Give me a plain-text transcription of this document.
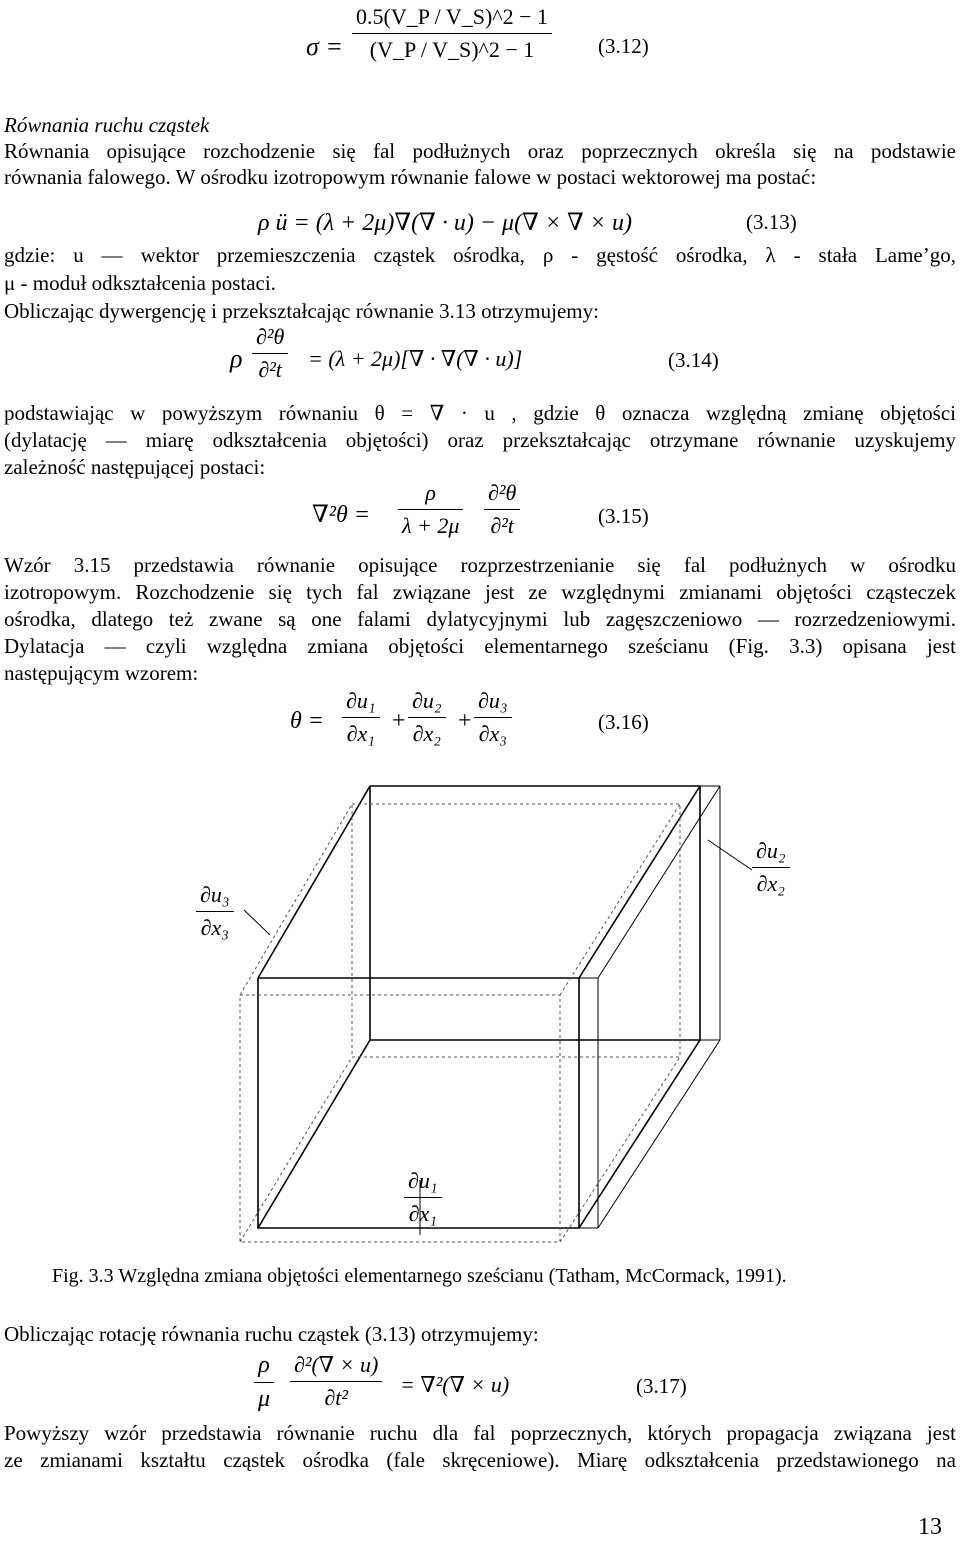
σ =
0.5(V_P / V_S)^2 − 1
(V_P / V_S)^2 − 1	(3.12)
Równania ruchu cząstek
Równania opisujące rozchodzenie się fal podłużnych oraz poprzecznych określa się na podstawie
równania falowego. W ośrodku izotropowym równanie falowe w postaci wektorowej ma postać:
ρ ü = (λ + 2μ)∇(∇ · u) − μ(∇ × ∇ × u)	(3.13)
gdzie: u — wektor przemieszczenia cząstek ośrodka, ρ - gęstość ośrodka, λ - stała Lame’go,
μ - moduł odkształcenia postaci.
Obliczając dywergencję i przekształcając równanie 3.13 otrzymujemy:
ρ
∂²θ
∂²t = (λ + 2μ)[∇ · ∇(∇ · u)]	(3.14)
podstawiając w powyższym równaniu θ = ∇ · u , gdzie θ oznacza względną zmianę objętości
(dylatację — miarę odkształcenia objętości) oraz przekształcając otrzymane równanie uzyskujemy
zależność następującej postaci:
∇²θ =
ρ
λ + 2μ
∂²θ
∂²t	(3.15)
Wzór 3.15 przedstawia równanie opisujące rozprzestrzenianie się fal podłużnych w ośrodku
izotropowym. Rozchodzenie się tych fal związane jest ze względnymi zmianami objętości cząsteczek
ośrodka, dlatego też zwane są one falami dylatycyjnymi lub zagęszczeniowo — rozrzedzeniowymi.
Dylatacja — czyli względna zmiana objętości elementarnego sześcianu (Fig. 3.3) opisana jest
następującym wzorem:
θ =
∂u₁
∂x₁ +
∂u₂
∂x₂ +
∂u₃
∂x₃	(3.16)
∂u₂
∂x₂
∂u₃
∂x₃
∂u₁
∂x₁
Fig. 3.3 Względna zmiana objętości elementarnego sześcianu (Tatham, McCormack, 1991).
Obliczając rotację równania ruchu cząstek (3.13) otrzymujemy:
ρ
μ
∂²(∇ × u)
∂t²
= ∇²(∇ × u)	(3.17)
Powyższy wzór przedstawia równanie ruchu dla fal poprzecznych, których propagacja związana jest
ze zmianami kształtu cząstek ośrodka (fale skręceniowe). Miarę odkształcenia przedstawionego na
13
